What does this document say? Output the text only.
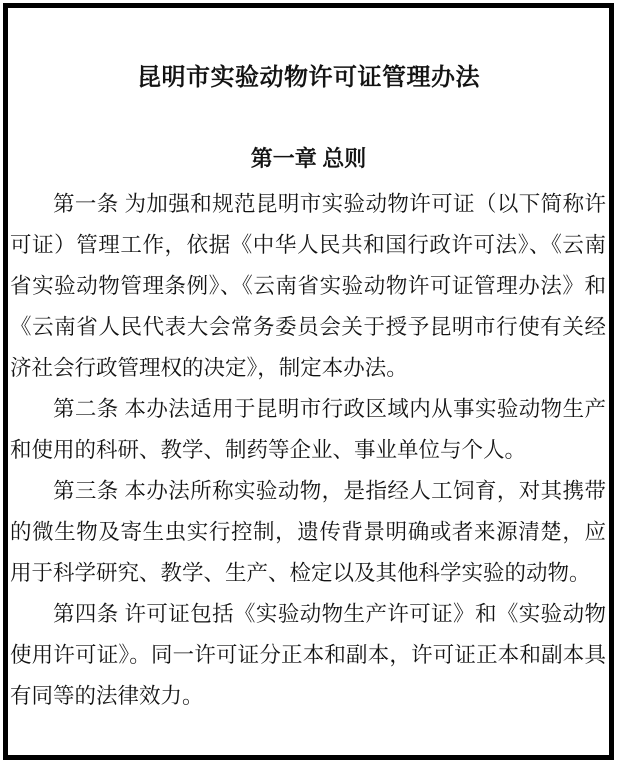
昆明市实验动物许可证管理办法
第一章 总则

第一条 为加强和规范昆明市实验动物许可证（以下简称许可证）管理工作，依据《中华人民共和国行政许可法》、《云南省实验动物管理条例》、《云南省实验动物许可证管理办法》和《云南省人民代表大会常务委员会关于授予昆明市行使有关经济社会行政管理权的决定》，制定本办法。

第二条 本办法适用于昆明市行政区域内从事实验动物生产和使用的科研、教学、制药等企业、事业单位与个人。

第三条 本办法所称实验动物，是指经人工饲育，对其携带的微生物及寄生虫实行控制，遗传背景明确或者来源清楚，应用于科学研究、教学、生产、检定以及其他科学实验的动物。

第四条 许可证包括《实验动物生产许可证》和《实验动物使用许可证》。同一许可证分正本和副本，许可证正本和副本具有同等的法律效力。
